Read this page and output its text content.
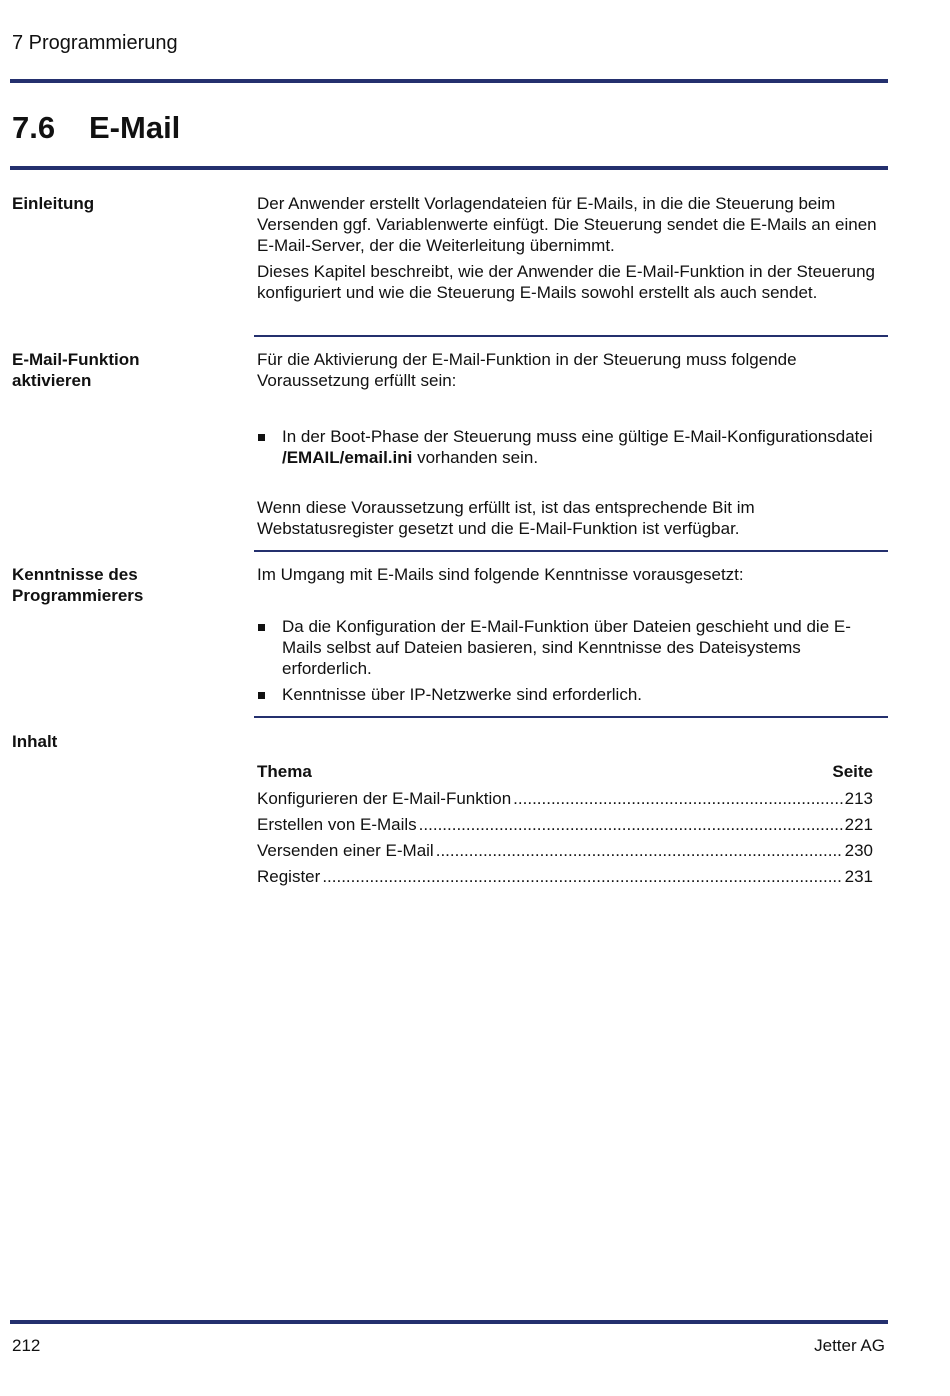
7 Programmierung
7.6 E-Mail
Einleitung	Der Anwender erstellt Vorlagendateien für E-Mails, in die die Steuerung beim Versenden ggf. Variablenwerte einfügt. Die Steuerung sendet die E-Mails an einen E-Mail-Server, der die Weiterleitung übernimmt.

Dieses Kapitel beschreibt, wie der Anwender die E-Mail-Funktion in der Steuerung konfiguriert und wie die Steuerung E-Mails sowohl erstellt als auch sendet.

E-Mail-Funktion
aktivieren

Für die Aktivierung der E-Mail-Funktion in der Steuerung muss folgende Voraussetzung erfüllt sein:

In der Boot-Phase der Steuerung muss eine gültige E-Mail-Konfigurationsdatei /EMAIL/email.ini vorhanden sein.

Wenn diese Voraussetzung erfüllt ist, ist das entsprechende Bit im Webstatusregister gesetzt und die E-Mail-Funktion ist verfügbar.

Kenntnisse des
Programmierers

Im Umgang mit E-Mails sind folgende Kenntnisse vorausgesetzt:

Da die Konfiguration der E-Mail-Funktion über Dateien geschieht und die E-Mails selbst auf Dateien basieren, sind Kenntnisse des Dateisystems erforderlich.
Kenntnisse über IP-Netzwerke sind erforderlich.
Inhalt
Thema	Seite
Konfigurieren der E-Mail-Funktion .....	213
Erstellen von E-Mails .....	221
Versenden einer E-Mail .....	230
Register .....	231
212	Jetter AG
